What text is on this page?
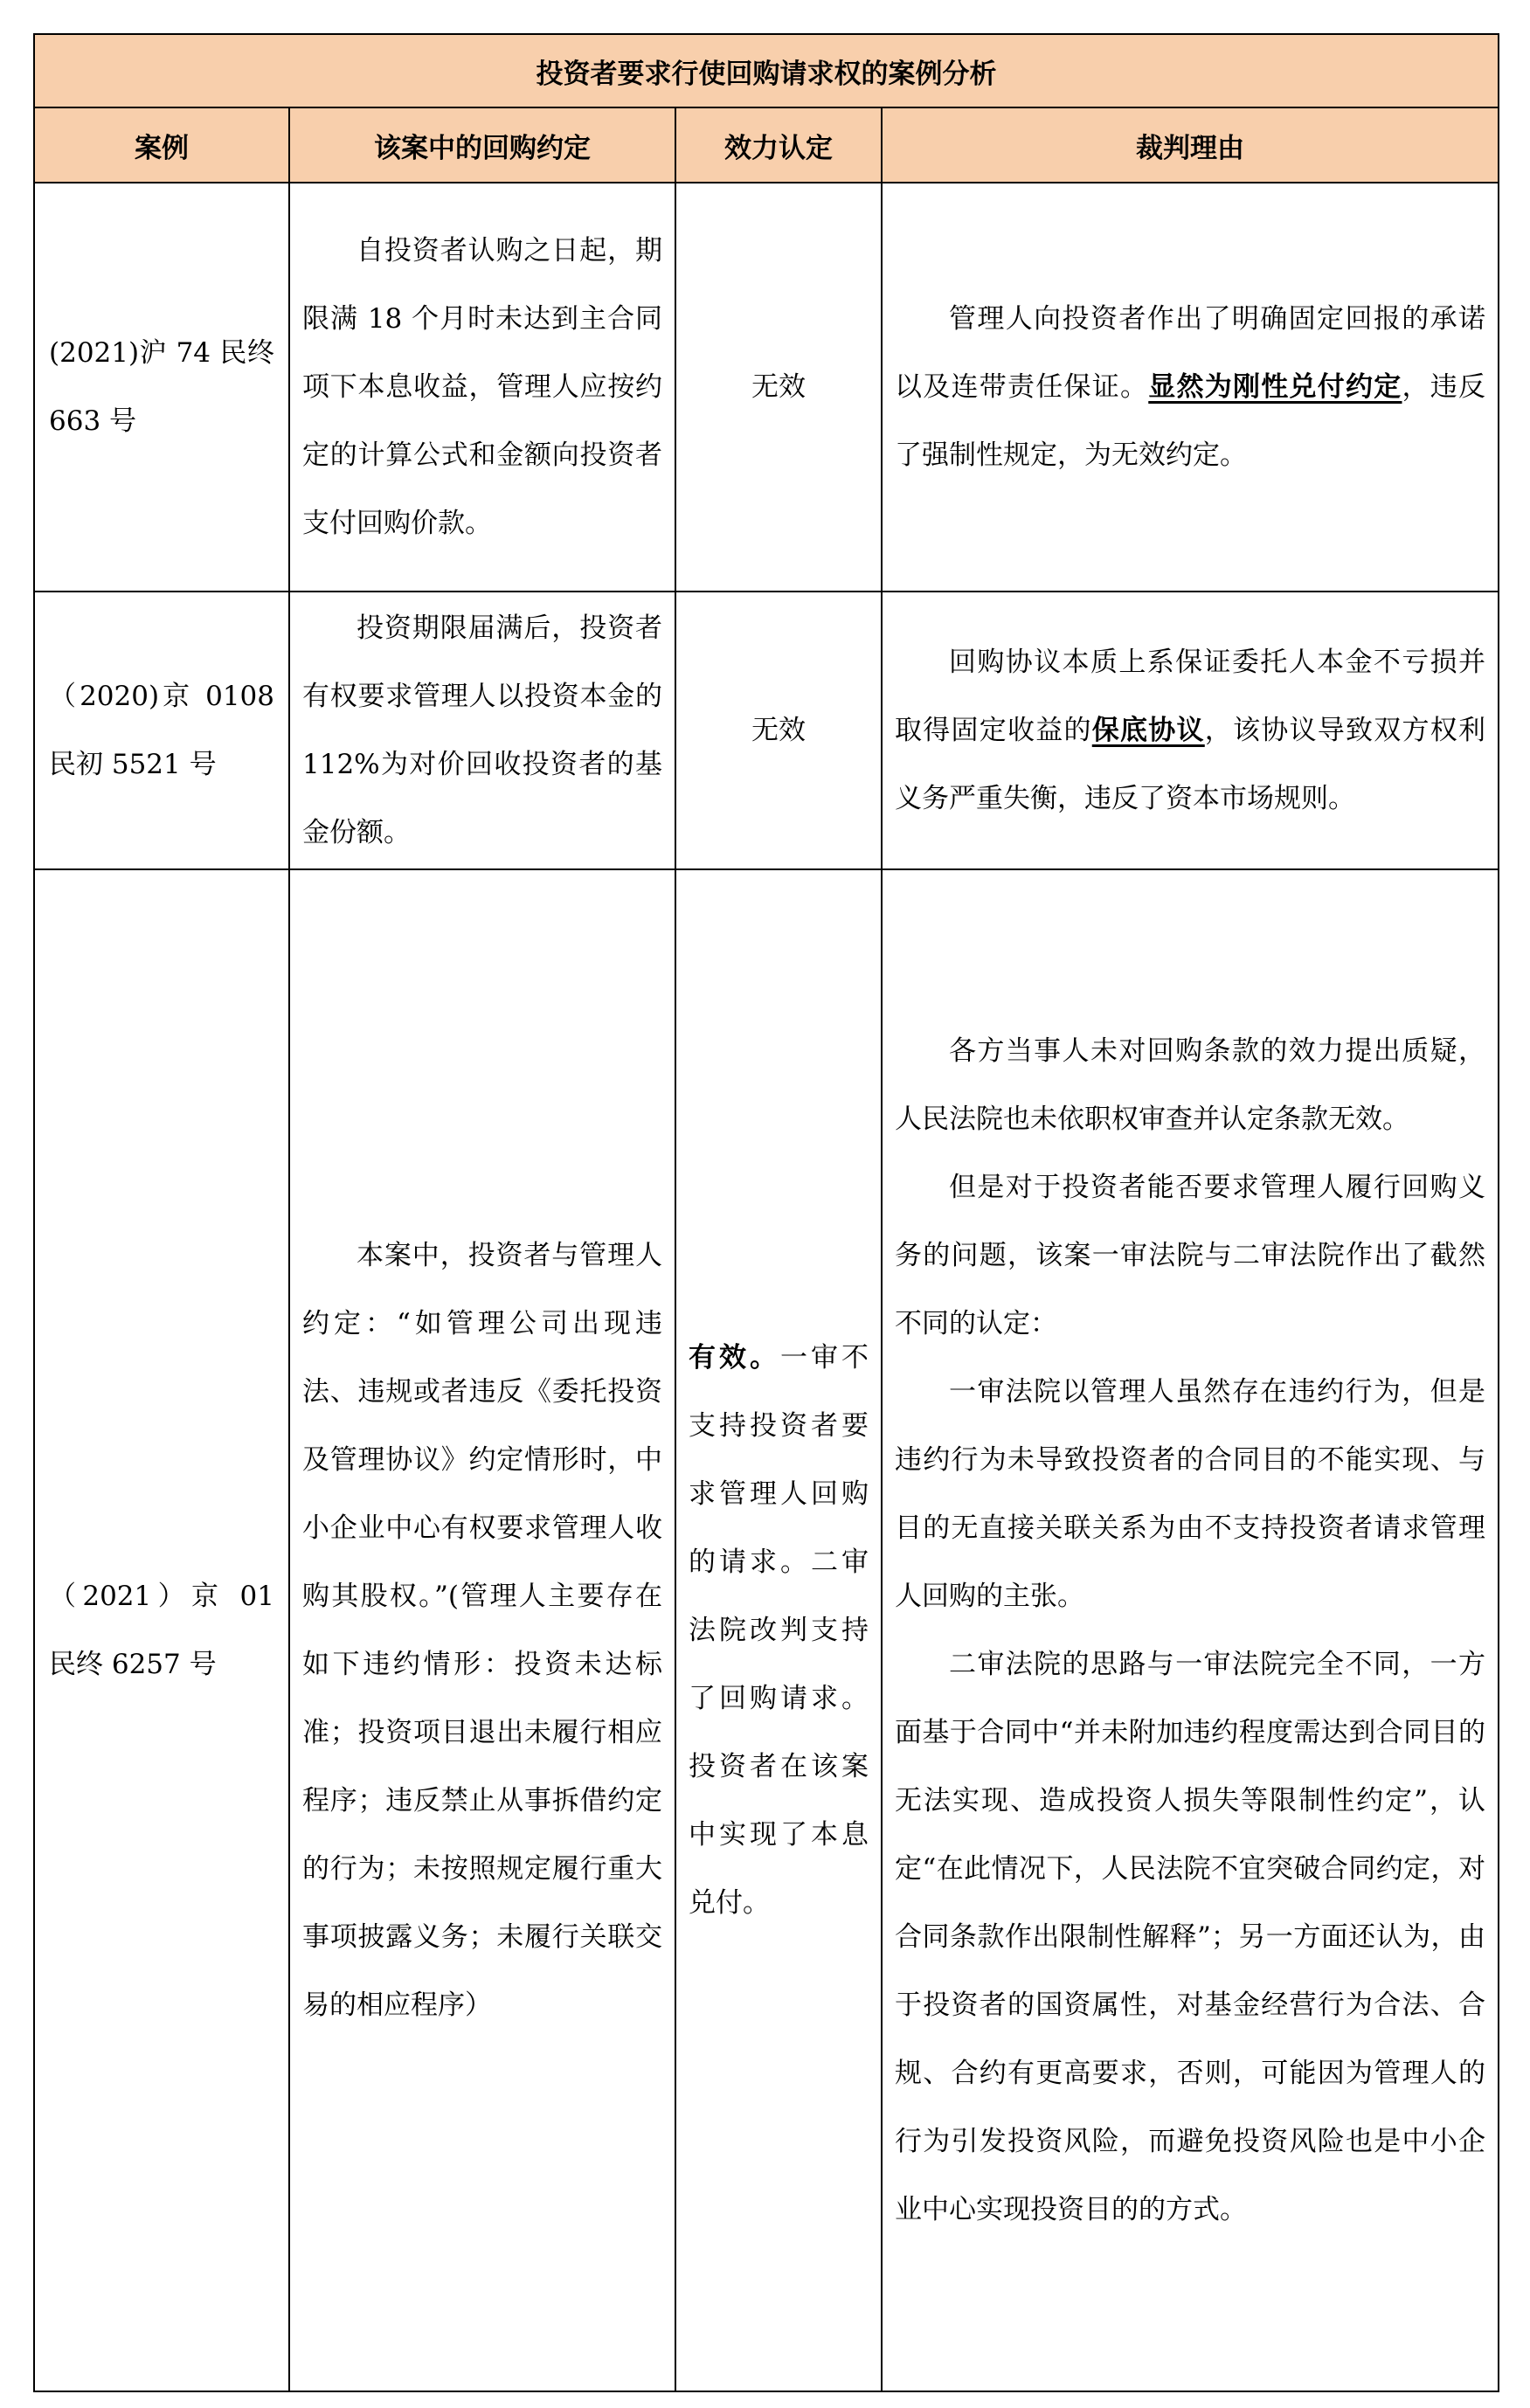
投资者要求行使回购请求权的案例分析			
案例	该案中的回购约定	效力认定	裁判理由
(2021)沪 74 民终 663 号	自投资者认购之日起，期限满 18 个月时未达到主合同项下本息收益，管理人应按约定的计算公式和金额向投资者支付回购价款。	无效	管理人向投资者作出了明确固定回报的承诺以及连带责任保证。显然为刚性兑付约定，违反了强制性规定，为无效约定。

（2020)京 0108 民初 5521 号	投资期限届满后，投资者有权要求管理人以投资本金的 112%为对价回收投资者的基金份额。	无效	回购协议本质上系保证委托人本金不亏损并取得固定收益的保底协议，该协议导致双方权利义务严重失衡，违反了资本市场规则。

（2021）京 01 民终 6257 号	本案中，投资者与管理人约定：“如管理公司出现违法、违规或者违反《委托投资及管理协议》约定情形时，中小企业中心有权要求管理人收购其股权。”(管理人主要存在如下违约情形：投资未达标准；投资项目退出未履行相应程序；违反禁止从事拆借约定的行为；未按照规定履行重大事项披露义务；未履行关联交易的相应程序）	有效。一审不支持投资者要求管理人回购的请求。二审法院改判支持了回购请求。投资者在该案中实现了本息兑付。	各方当事人未对回购条款的效力提出质疑，人民法院也未依职权审查并认定条款无效。

但是对于投资者能否要求管理人履行回购义务的问题，该案一审法院与二审法院作出了截然不同的认定：

一审法院以管理人虽然存在违约行为，但是违约行为未导致投资者的合同目的不能实现、与目的无直接关联关系为由不支持投资者请求管理人回购的主张。

二审法院的思路与一审法院完全不同，一方面基于合同中“并未附加违约程度需达到合同目的无法实现、造成投资人损失等限制性约定”，认定“在此情况下，人民法院不宜突破合同约定，对合同条款作出限制性解释”；另一方面还认为，由于投资者的国资属性，对基金经营行为合法、合规、合约有更高要求，否则，可能因为管理人的行为引发投资风险，而避免投资风险也是中小企业中心实现投资目的的方式。
